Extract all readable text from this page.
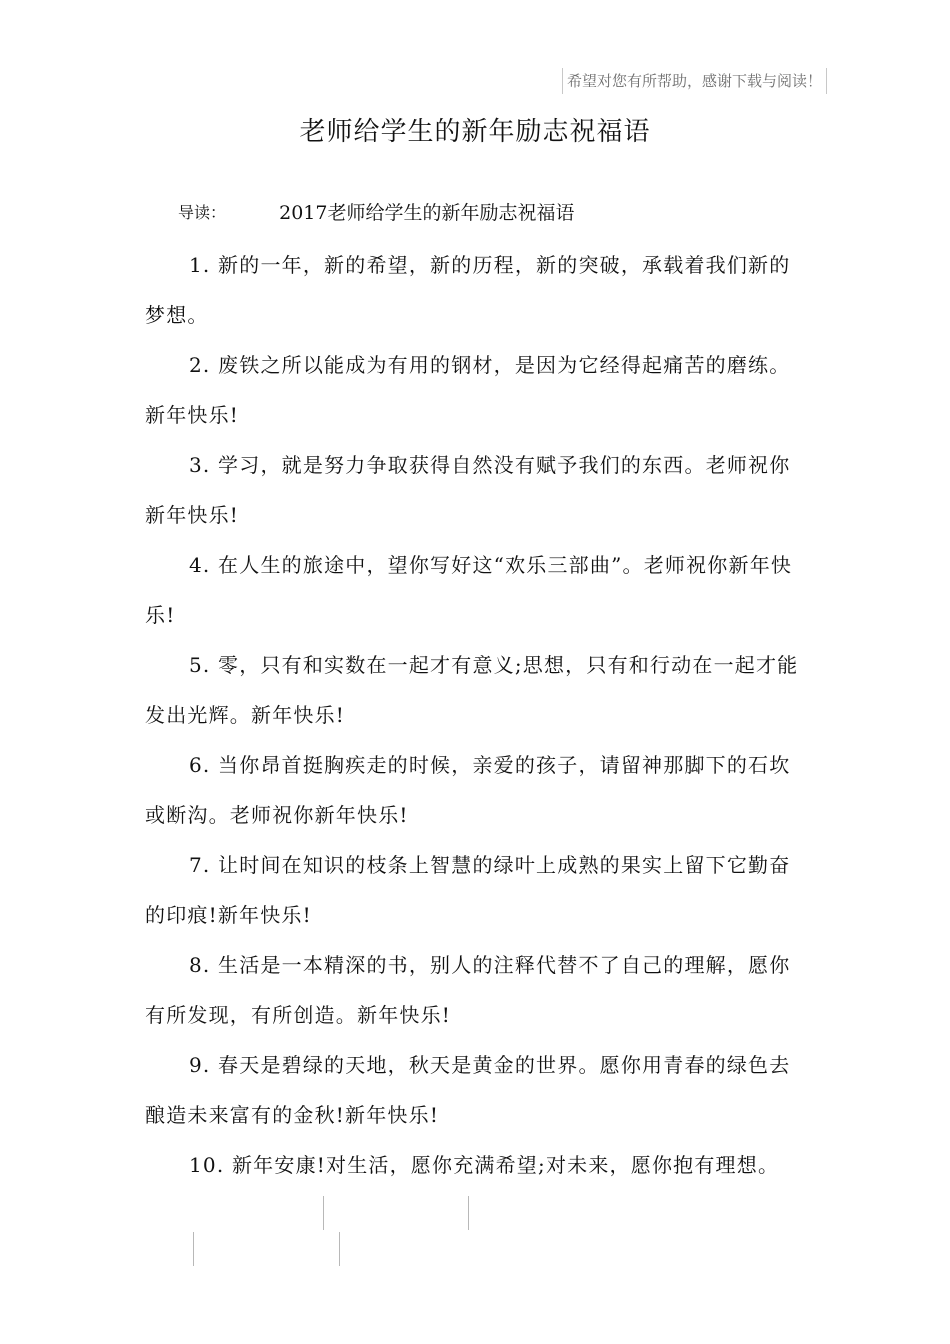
希望对您有所帮助，感谢下载与阅读！
老师给学生的新年励志祝福语
导读：	2017老师给学生的新年励志祝福语

1. 新的一年，新的希望，新的历程，新的突破，承载着我们新的梦想。

2. 废铁之所以能成为有用的钢材，是因为它经得起痛苦的磨练。新年快乐!

3. 学习，就是努力争取获得自然没有赋予我们的东西。老师祝你新年快乐!

4. 在人生的旅途中，望你写好这“欢乐三部曲”。老师祝你新年快乐!

5. 零，只有和实数在一起才有意义;思想，只有和行动在一起才能发出光辉。新年快乐!

6. 当你昂首挺胸疾走的时候，亲爱的孩子，请留神那脚下的石坎或断沟。老师祝你新年快乐!

7. 让时间在知识的枝条上智慧的绿叶上成熟的果实上留下它勤奋的印痕!新年快乐!

8. 生活是一本精深的书，别人的注释代替不了自己的理解，愿你有所发现，有所创造。新年快乐!

9. 春天是碧绿的天地，秋天是黄金的世界。愿你用青春的绿色去酿造未来富有的金秋!新年快乐!

10. 新年安康!对生活，愿你充满希望;对未来，愿你抱有理想。
